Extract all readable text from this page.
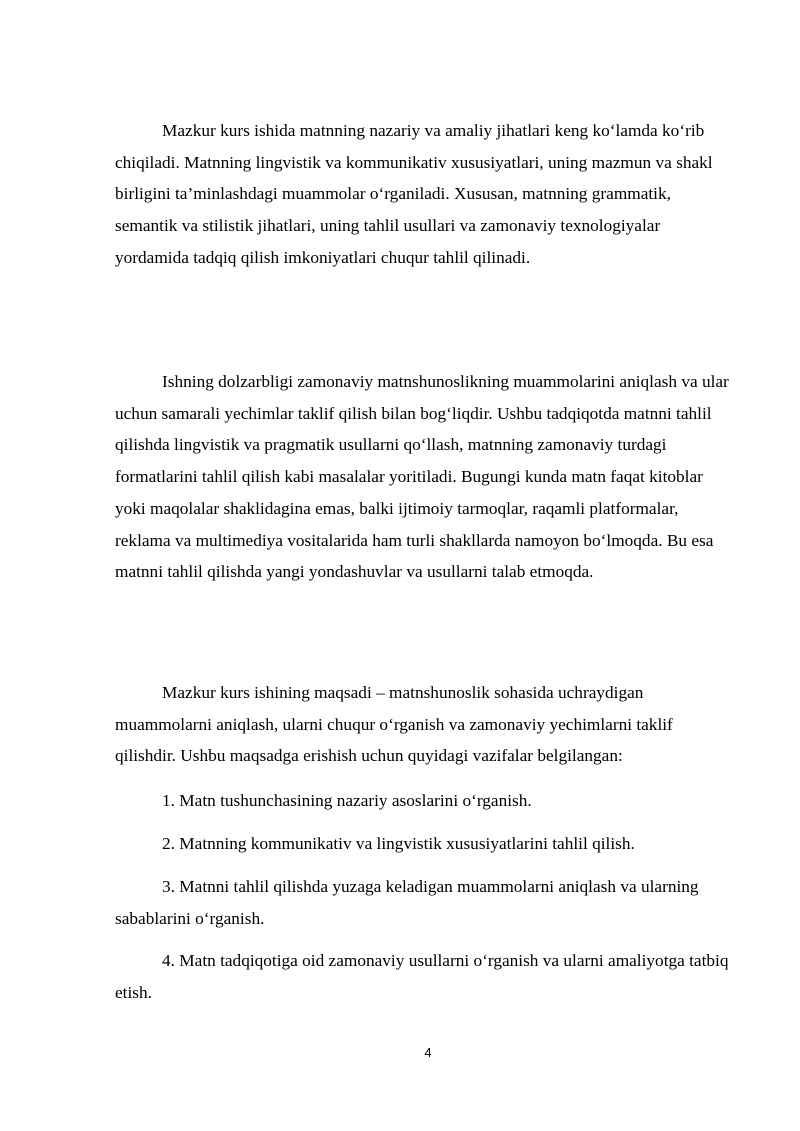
Mazkur kurs ishida matnning nazariy va amaliy jihatlari keng ko‘lamda ko‘rib chiqiladi. Matnning lingvistik va kommunikativ xususiyatlari, uning mazmun va shakl birligini ta’minlashdagi muammolar o‘rganiladi. Xususan, matnning grammatik, semantik va stilistik jihatlari, uning tahlil usullari va zamonaviy texnologiyalar yordamida tadqiq qilish imkoniyatlari chuqur tahlil qilinadi.

Ishning dolzarbligi zamonaviy matnshunoslikning muammolarini aniqlash va ular uchun samarali yechimlar taklif qilish bilan bog‘liqdir. Ushbu tadqiqotda matnni tahlil qilishda lingvistik va pragmatik usullarni qo‘llash, matnning zamonaviy turdagi formatlarini tahlil qilish kabi masalalar yoritiladi. Bugungi kunda matn faqat kitoblar yoki maqolalar shaklidagina emas, balki ijtimoiy tarmoqlar, raqamli platformalar, reklama va multimediya vositalarida ham turli shakllarda namoyon bo‘lmoqda. Bu esa matnni tahlil qilishda yangi yondashuvlar va usullarni talab etmoqda.

Mazkur kurs ishining maqsadi – matnshunoslik sohasida uchraydigan muammolarni aniqlash, ularni chuqur o‘rganish va zamonaviy yechimlarni taklif qilishdir. Ushbu maqsadga erishish uchun quyidagi vazifalar belgilangan:

1. Matn tushunchasining nazariy asoslarini o‘rganish.

2. Matnning kommunikativ va lingvistik xususiyatlarini tahlil qilish.

3. Matnni tahlil qilishda yuzaga keladigan muammolarni aniqlash va ularning sabablarini o‘rganish.

4. Matn tadqiqotiga oid zamonaviy usullarni o‘rganish va ularni amaliyotga tatbiq etish.

4
